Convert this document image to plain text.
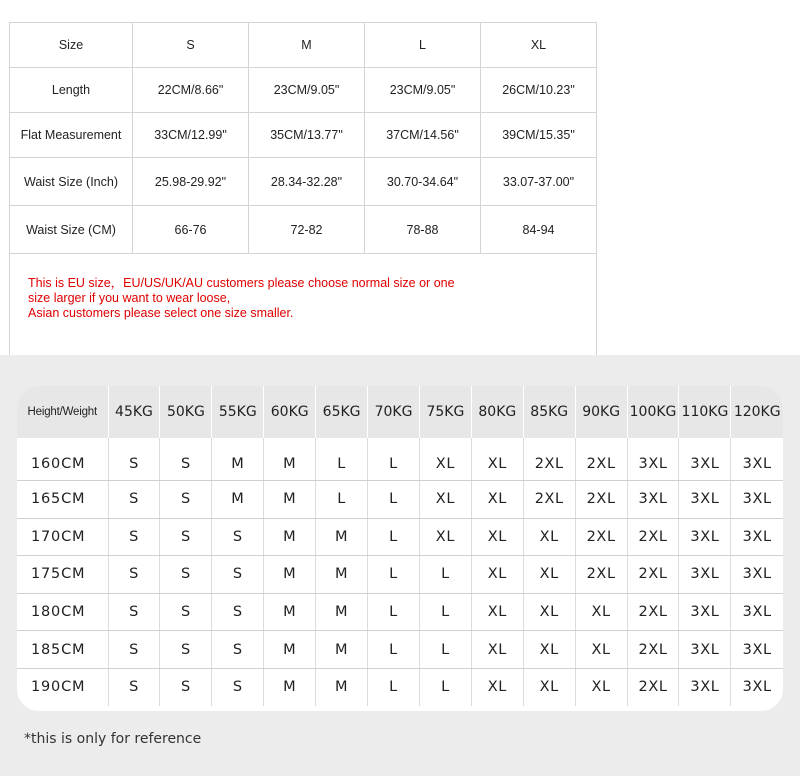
Size	S	M	L	XL
Length	22CM/8.66"	23CM/9.05"	23CM/9.05"	26CM/10.23"
Flat Measurement	33CM/12.99"	35CM/13.77"	37CM/14.56"	39CM/15.35"
Waist Size (Inch)	25.98-29.92"	28.34-32.28"	30.70-34.64"	33.07-37.00"
Waist Size (CM)	66-76	72-82	78-88	84-94

This is EU size，EU/US/UK/AU customers please choose normal size or one
size larger if you want to wear loose,
Asian customers please select one size smaller.				
Height/Weight	45KG	50KG	55KG	60KG	65KG	70KG	75KG	80KG	85KG	90KG	100KG	110KG	120KG
160CM	S	S	M	M	L	L	XL	XL	2XL	2XL	3XL	3XL	3XL
165CM	S	S	M	M	L	L	XL	XL	2XL	2XL	3XL	3XL	3XL
170CM	S	S	S	M	M	L	XL	XL	XL	2XL	2XL	3XL	3XL
175CM	S	S	S	M	M	L	L	XL	XL	2XL	2XL	3XL	3XL
180CM	S	S	S	M	M	L	L	XL	XL	XL	2XL	3XL	3XL
185CM	S	S	S	M	M	L	L	XL	XL	XL	2XL	3XL	3XL
190CM	S	S	S	M	M	L	L	XL	XL	XL	2XL	3XL	3XL
*this is only for reference
